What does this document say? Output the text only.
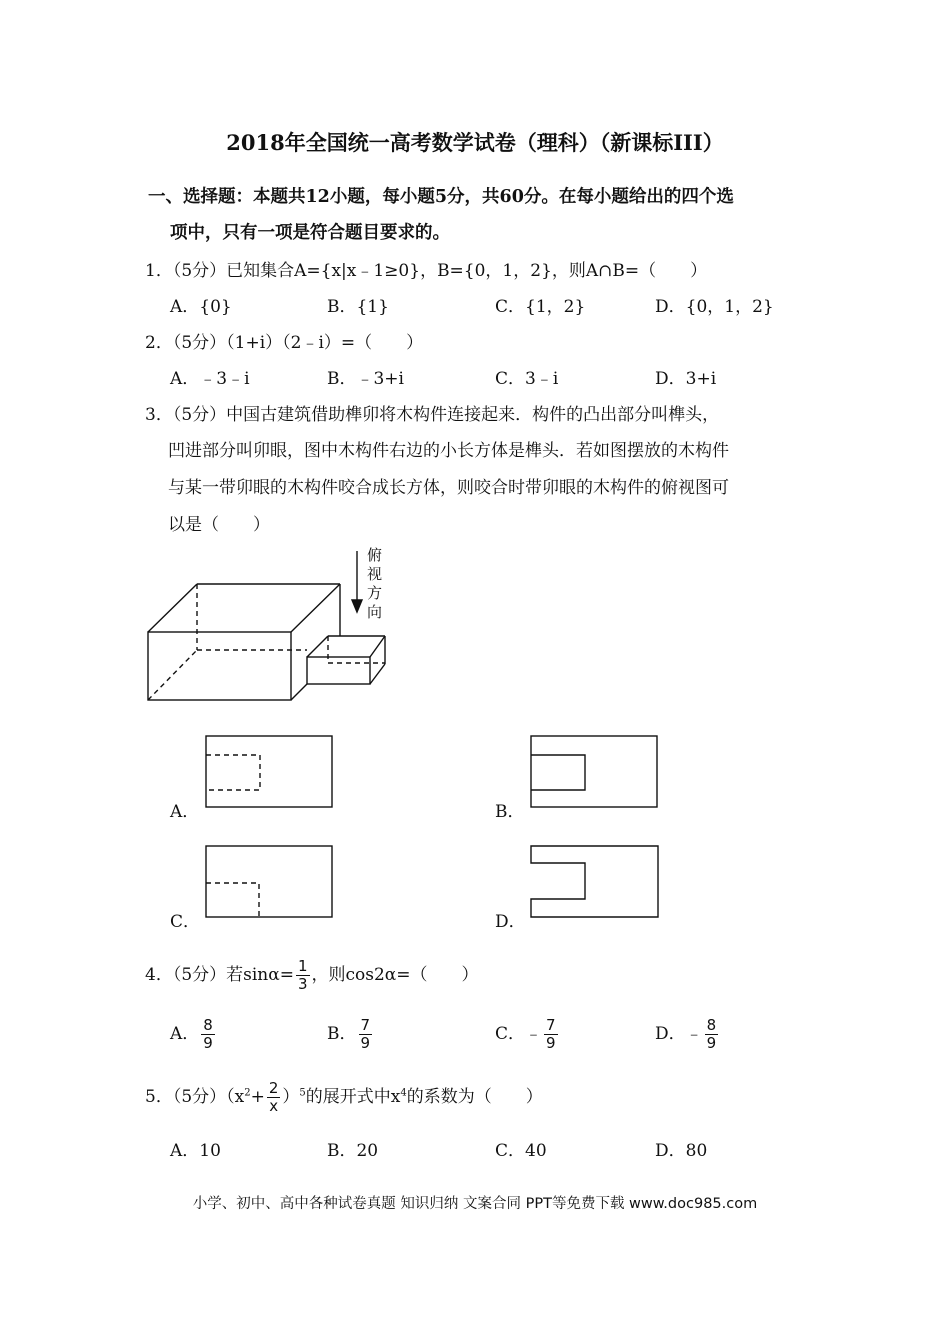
2018年全国统一高考数学试卷（理科）（新课标III）
一、选择题：本题共12小题，每小题5分，共60分。在每小题给出的四个选
项中，只有一项是符合题目要求的。
1．（5分）已知集合A={x|x﹣1≥0}，B={0，1，2}，则A∩B=（　　）
A．{0}	B．{1}	C．{1，2}	D．{0，1，2}
2．（5分）（1+i）（2﹣i）=（　　）
A．﹣3﹣i	B．﹣3+i	C．3﹣i	D．3+i
3．（5分）中国古建筑借助榫卯将木构件连接起来．构件的凸出部分叫榫头，
凹进部分叫卯眼，图中木构件右边的小长方体是榫头．若如图摆放的木构件
与某一带卯眼的木构件咬合成长方体，则咬合时带卯眼的木构件的俯视图可
以是（　　）
俯
视
方
向
A．	B．
C．	D．
4．（5分）若$\sin\alpha= \frac{1}{3}$ ，则cos2α=（　　）
A． $\frac{8}{9}$	B． $\frac{7}{9}$	C．﹣ $\frac{7}{9}$	D．﹣ $\frac{8}{9}$
5．（5分）$(x^2+ \frac{2}{x} )^5$的展开式中$x^4$的系数为（　　）
A．10	B．20	C．40	D．80
小学、初中、高中各种试卷真题 知识归纳 文案合同 PPT等免费下载 www.doc985.com
